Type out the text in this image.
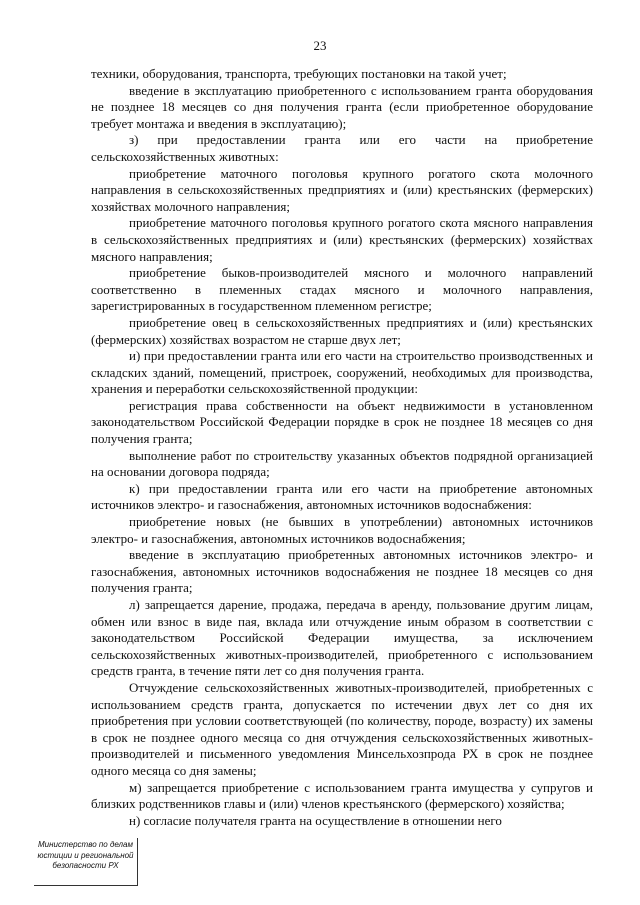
23

техники, оборудования, транспорта, требующих постановки на такой учет;

введение в эксплуатацию приобретенного с использованием гранта оборудования не позднее 18 месяцев со дня получения гранта (если приобретенное оборудование требует монтажа и введения в эксплуатацию);

з) при предоставлении гранта или его части на приобретение сельскохозяйственных животных:

приобретение маточного поголовья крупного рогатого скота молочного направления в сельскохозяйственных предприятиях и (или) крестьянских (фермерских) хозяйствах молочного направления;

приобретение маточного поголовья крупного рогатого скота мясного направления в сельскохозяйственных предприятиях и (или) крестьянских (фермерских) хозяйствах мясного направления;

приобретение быков-производителей мясного и молочного направлений соответственно в племенных стадах мясного и молочного направления, зарегистрированных в государственном племенном регистре;

приобретение овец в сельскохозяйственных предприятиях и (или) крестьянских (фермерских) хозяйствах возрастом не старше двух лет;

и) при предоставлении гранта или его части на строительство производственных и складских зданий, помещений, пристроек, сооружений, необходимых для производства, хранения и переработки сельскохозяйственной продукции:

регистрация права собственности на объект недвижимости в установленном законодательством Российской Федерации порядке в срок не позднее 18 месяцев со дня получения гранта;

выполнение работ по строительству указанных объектов подрядной организацией на основании договора подряда;

к) при предоставлении гранта или его части на приобретение автономных источников электро- и газоснабжения, автономных источников водоснабжения:

приобретение новых (не бывших в употреблении) автономных источников электро- и газоснабжения, автономных источников водоснабжения;

введение в эксплуатацию приобретенных автономных источников электро- и газоснабжения, автономных источников водоснабжения не позднее 18 месяцев со дня получения гранта;

л) запрещается дарение, продажа, передача в аренду, пользование другим лицам, обмен или взнос в виде пая, вклада или отчуждение иным образом в соответствии с законодательством Российской Федерации имущества, за исключением сельскохозяйственных животных-производителей, приобретенного с использованием средств гранта, в течение пяти лет со дня получения гранта.

Отчуждение сельскохозяйственных животных-производителей, приобретенных с использованием средств гранта, допускается по истечении двух лет со дня их приобретения при условии соответствующей (по количеству, породе, возрасту) их замены в срок не позднее одного месяца со дня отчуждения сельскохозяйственных животных-производителей и письменного уведомления Минсельхозпрода РХ в срок не позднее одного месяца со дня замены;

м) запрещается приобретение с использованием гранта имущества у супругов и близких родственников главы и (или) членов крестьянского (фермерского) хозяйства;

н) согласие получателя гранта на осуществление в отношении него

Министерство по делам
юстиции и региональной
безопасности РХ
